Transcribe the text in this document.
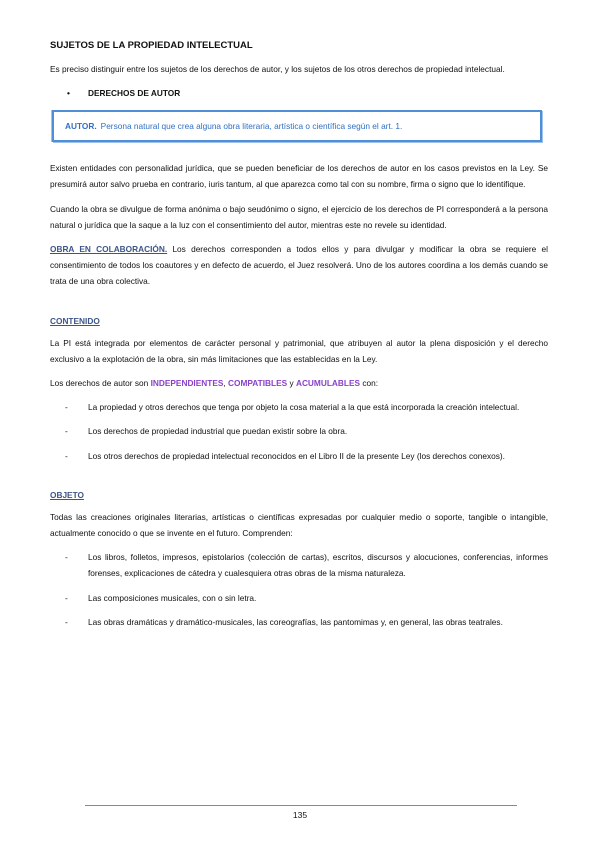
SUJETOS DE LA PROPIEDAD INTELECTUAL

Es preciso distinguir entre los sujetos de los derechos de autor, y los sujetos de los otros derechos de propiedad intelectual.

•	DERECHOS DE AUTOR
AUTOR. Persona natural que crea alguna obra literaria, artística o científica según el art. 1.

Existen entidades con personalidad jurídica, que se pueden beneficiar de los derechos de autor en los casos previstos en la Ley. Se presumirá autor salvo prueba en contrario, iuris tantum, al que aparezca como tal con su nombre, firma o signo que lo identifique.

Cuando la obra se divulgue de forma anónima o bajo seudónimo o signo, el ejercicio de los derechos de PI corresponderá a la persona natural o jurídica que la saque a la luz con el consentimiento del autor, mientras este no revele su identidad.

OBRA EN COLABORACIÓN. Los derechos corresponden a todos ellos y para divulgar y modificar la obra se requiere el consentimiento de todos los coautores y en defecto de acuerdo, el Juez resolverá. Uno de los autores coordina a los demás cuando se trata de una obra colectiva.

CONTENIDO

La PI está integrada por elementos de carácter personal y patrimonial, que atribuyen al autor la plena disposición y el derecho exclusivo a la explotación de la obra, sin más limitaciones que las establecidas en la Ley.

Los derechos de autor son INDEPENDIENTES, COMPATIBLES y ACUMULABLES con:

-	La propiedad y otros derechos que tenga por objeto la cosa material a la que está incorporada la creación intelectual.
-	Los derechos de propiedad industrial que puedan existir sobre la obra.
-	Los otros derechos de propiedad intelectual reconocidos en el Libro II de la presente Ley (los derechos conexos).
OBJETO

Todas las creaciones originales literarias, artísticas o científicas expresadas por cualquier medio o soporte, tangible o intangible, actualmente conocido o que se invente en el futuro. Comprenden:

-	Los libros, folletos, impresos, epistolarios (colección de cartas), escritos, discursos y alocuciones, conferencias, informes forenses, explicaciones de cátedra y cualesquiera otras obras de la misma naturaleza.
-	Las composiciones musicales, con o sin letra.
-	Las obras dramáticas y dramático-musicales, las coreografías, las pantomimas y, en general, las obras teatrales.
135
